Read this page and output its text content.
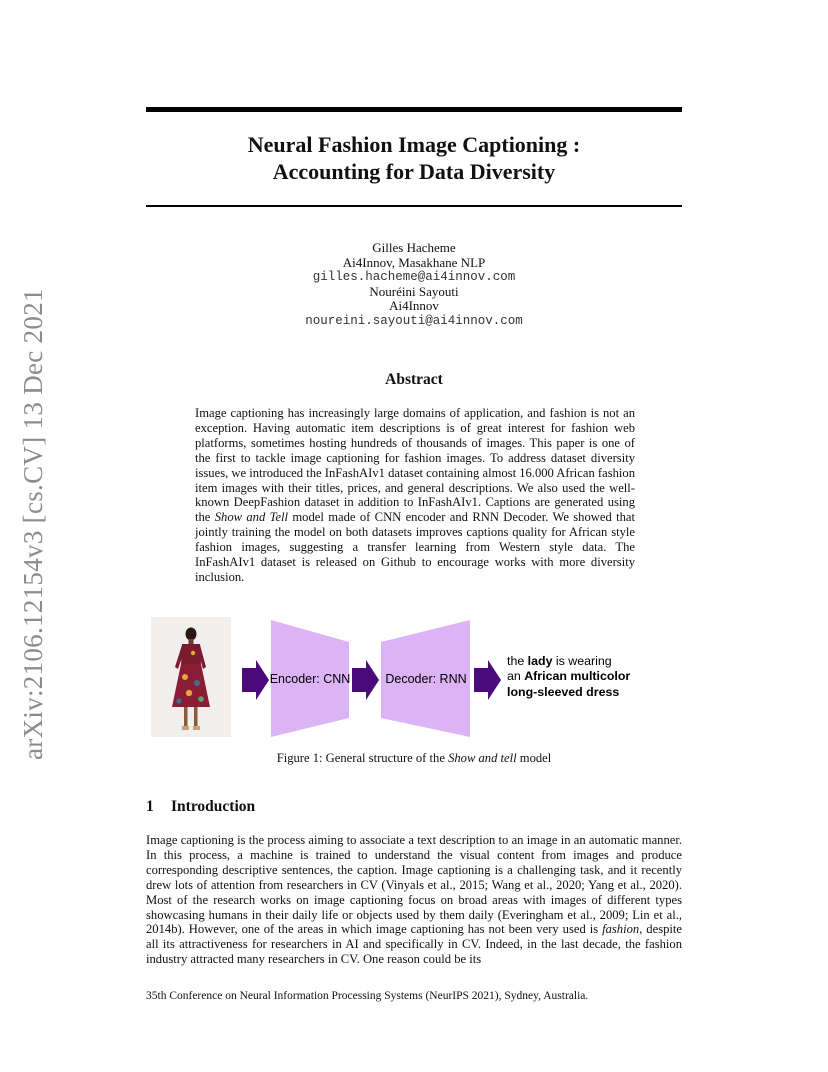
arXiv:2106.12154v3 [cs.CV] 13 Dec 2021
Neural Fashion Image Captioning :
Accounting for Data Diversity
Gilles Hacheme
Ai4Innov, Masakhane NLP
gilles.hacheme@ai4innov.com
Nouréini Sayouti
Ai4Innov
noureini.sayouti@ai4innov.com
Abstract
Image captioning has increasingly large domains of application, and fashion is not an exception. Having automatic item descriptions is of great interest for fashion web platforms, sometimes hosting hundreds of thousands of images. This paper is one of the first to tackle image captioning for fashion images. To address dataset diversity issues, we introduced the InFashAIv1 dataset containing almost 16.000 African fashion item images with their titles, prices, and general descriptions. We also used the well-known DeepFashion dataset in addition to InFashAIv1. Captions are generated using the Show and Tell model made of CNN encoder and RNN Decoder. We showed that jointly training the model on both datasets improves captions quality for African style fashion images, suggesting a transfer learning from Western style data. The InFashAIv1 dataset is released on Github to encourage works with more diversity inclusion.
Encoder: CNN	Decoder: RNN
the lady is wearing
an African multicolor
long-sleeved dress
Figure 1: General structure of the Show and tell model
1 Introduction
Image captioning is the process aiming to associate a text description to an image in an automatic manner. In this process, a machine is trained to understand the visual content from images and produce corresponding descriptive sentences, the caption. Image captioning is a challenging task, and it recently drew lots of attention from researchers in CV (Vinyals et al., 2015; Wang et al., 2020; Yang et al., 2020). Most of the research works on image captioning focus on broad areas with images of different types showcasing humans in their daily life or objects used by them daily (Everingham et al., 2009; Lin et al., 2014b). However, one of the areas in which image captioning has not been very used is fashion, despite all its attractiveness for researchers in AI and specifically in CV. Indeed, in the last decade, the fashion industry attracted many researchers in CV. One reason could be its
35th Conference on Neural Information Processing Systems (NeurIPS 2021), Sydney, Australia.
